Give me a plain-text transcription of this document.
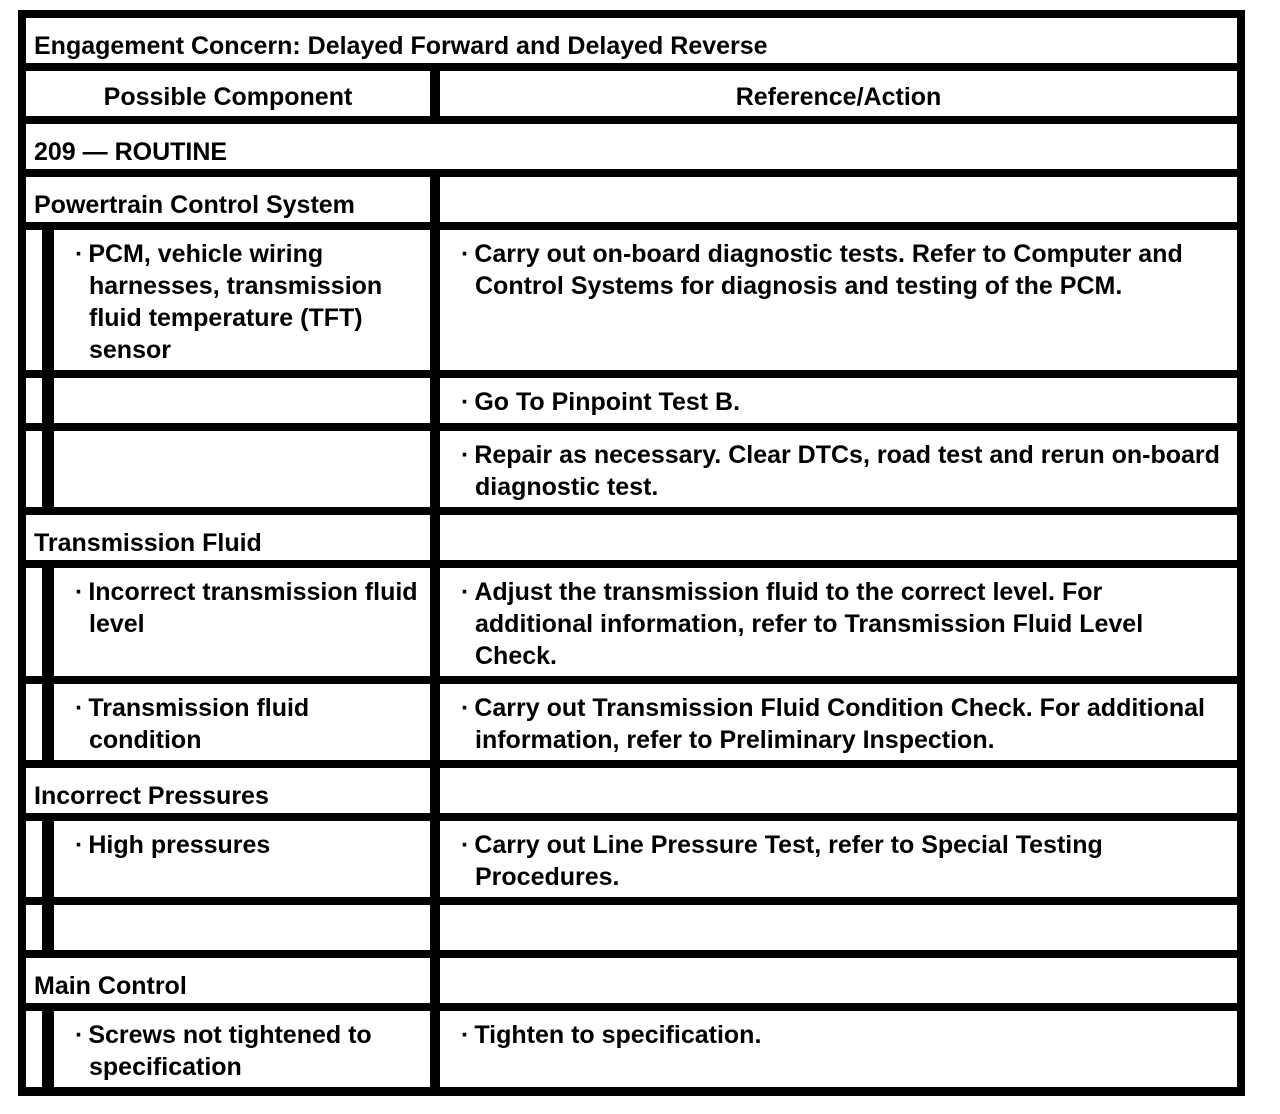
Engagement Concern: Delayed Forward and Delayed Reverse
Possible Component	Reference/Action
209 — ROUTINE
Powertrain Control System
· PCM, vehicle wiring harnesses, transmission fluid temperature (TFT) sensor
· Carry out on-board diagnostic tests. Refer to Computer and Control Systems for diagnosis and testing of the PCM.
· Go To Pinpoint Test B.
· Repair as necessary. Clear DTCs, road test and rerun on-board diagnostic test.
Transmission Fluid
· Incorrect transmission fluid level
· Adjust the transmission fluid to the correct level. For additional information, refer to Transmission Fluid Level Check.
· Transmission fluid condition
· Carry out Transmission Fluid Condition Check. For additional information, refer to Preliminary Inspection.
Incorrect Pressures
· High pressures	· Carry out Line Pressure Test, refer to Special Testing Procedures.
Main Control
· Screws not tightened to specification
· Tighten to specification.
